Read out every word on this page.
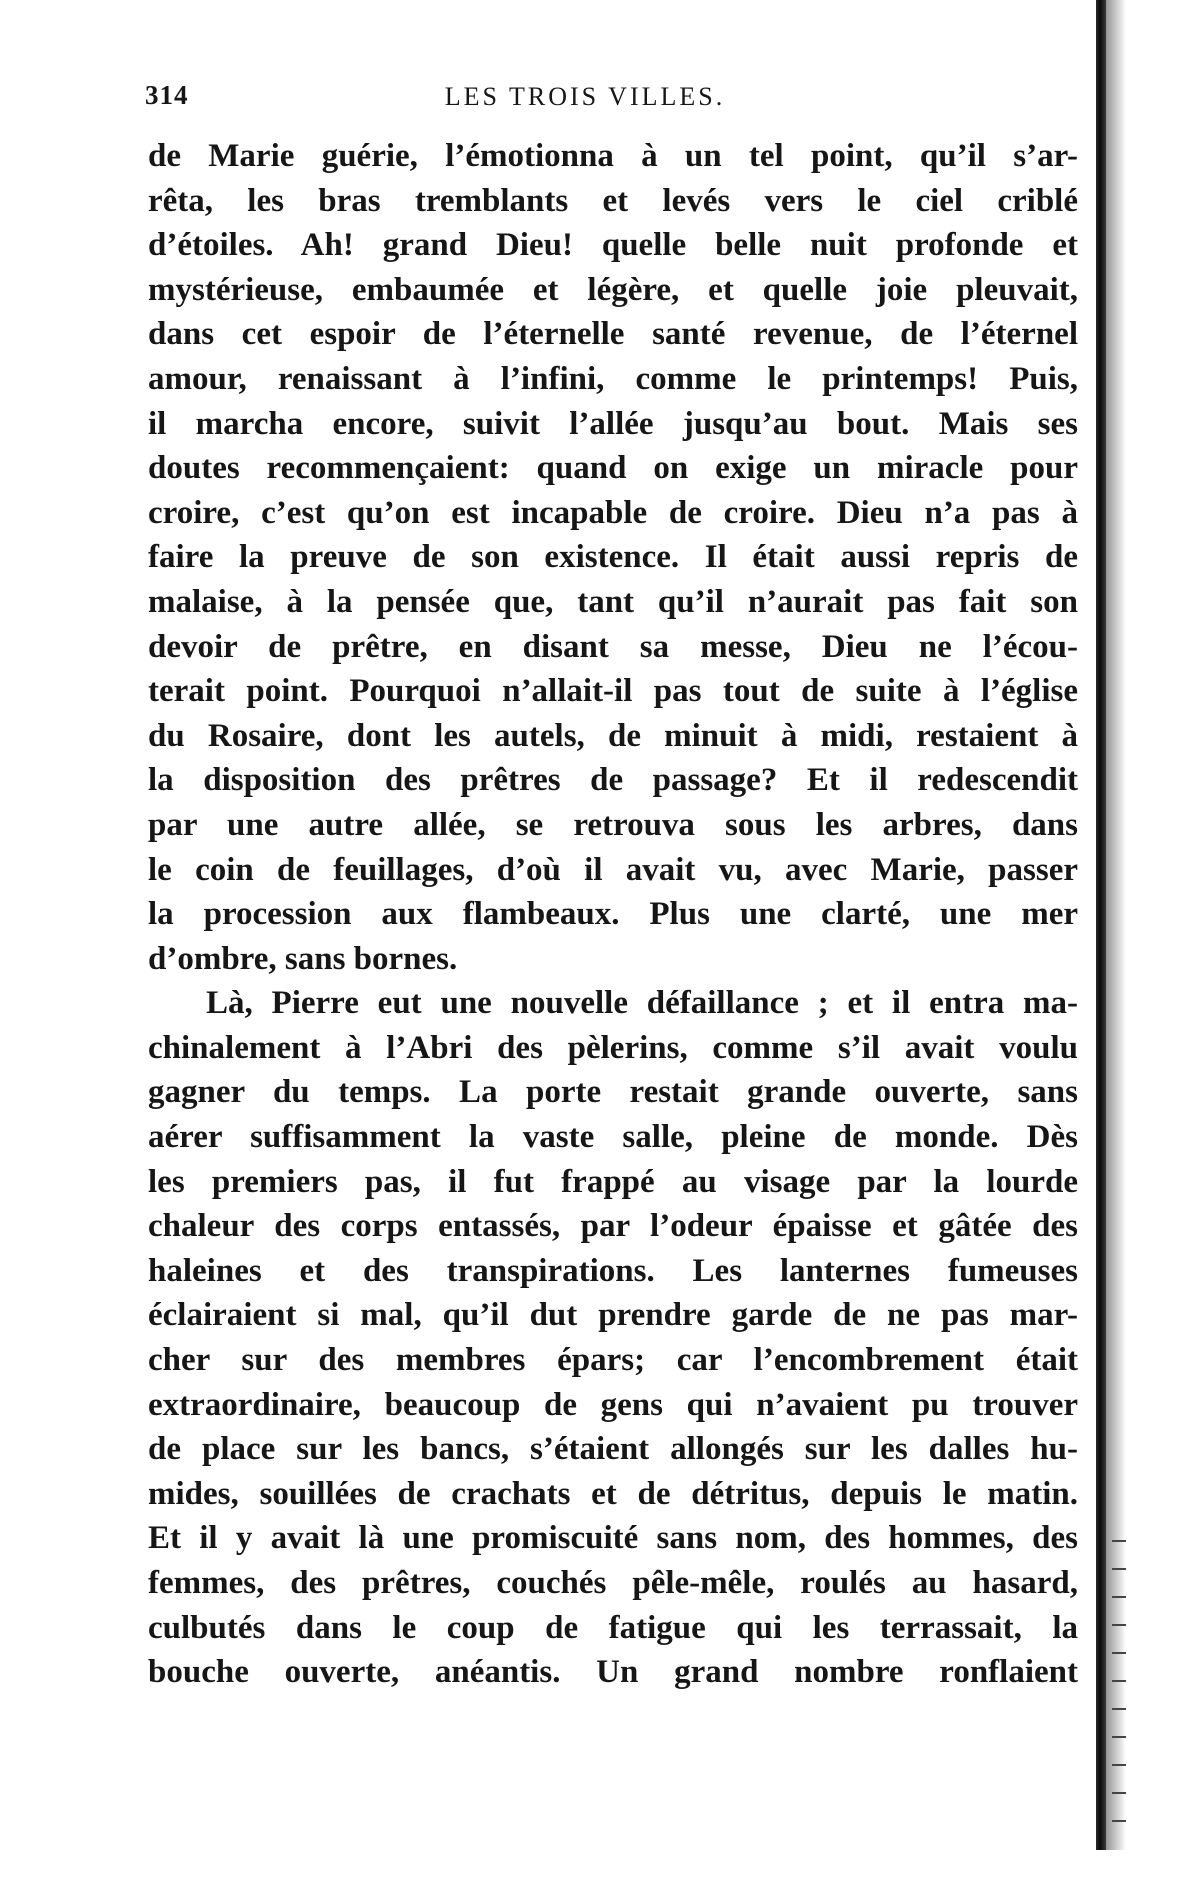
314	LES TROIS VILLES.
de Marie guérie, l’émotionna à un tel point, qu’il s’ar-
rêta, les bras tremblants et levés vers le ciel criblé
d’étoiles. Ah! grand Dieu! quelle belle nuit profonde et
mystérieuse, embaumée et légère, et quelle joie pleuvait,
dans cet espoir de l’éternelle santé revenue, de l’éternel
amour, renaissant à l’infini, comme le printemps! Puis,
il marcha encore, suivit l’allée jusqu’au bout. Mais ses
doutes recommençaient: quand on exige un miracle pour
croire, c’est qu’on est incapable de croire. Dieu n’a pas à
faire la preuve de son existence. Il était aussi repris de
malaise, à la pensée que, tant qu’il n’aurait pas fait son
devoir de prêtre, en disant sa messe, Dieu ne l’écou-
terait point. Pourquoi n’allait-il pas tout de suite à l’église
du Rosaire, dont les autels, de minuit à midi, restaient à
la disposition des prêtres de passage? Et il redescendit
par une autre allée, se retrouva sous les arbres, dans
le coin de feuillages, d’où il avait vu, avec Marie, passer
la procession aux flambeaux. Plus une clarté, une mer
d’ombre, sans bornes.
Là, Pierre eut une nouvelle défaillance ; et il entra ma-
chinalement à l’Abri des pèlerins, comme s’il avait voulu
gagner du temps. La porte restait grande ouverte, sans
aérer suffisamment la vaste salle, pleine de monde. Dès
les premiers pas, il fut frappé au visage par la lourde
chaleur des corps entassés, par l’odeur épaisse et gâtée des
haleines et des transpirations. Les lanternes fumeuses
éclairaient si mal, qu’il dut prendre garde de ne pas mar-
cher sur des membres épars; car l’encombrement était
extraordinaire, beaucoup de gens qui n’avaient pu trouver
de place sur les bancs, s’étaient allongés sur les dalles hu-
mides, souillées de crachats et de détritus, depuis le matin.
Et il y avait là une promiscuité sans nom, des hommes, des
femmes, des prêtres, couchés pêle-mêle, roulés au hasard,
culbutés dans le coup de fatigue qui les terrassait, la
bouche ouverte, anéantis. Un grand nombre ronflaient
